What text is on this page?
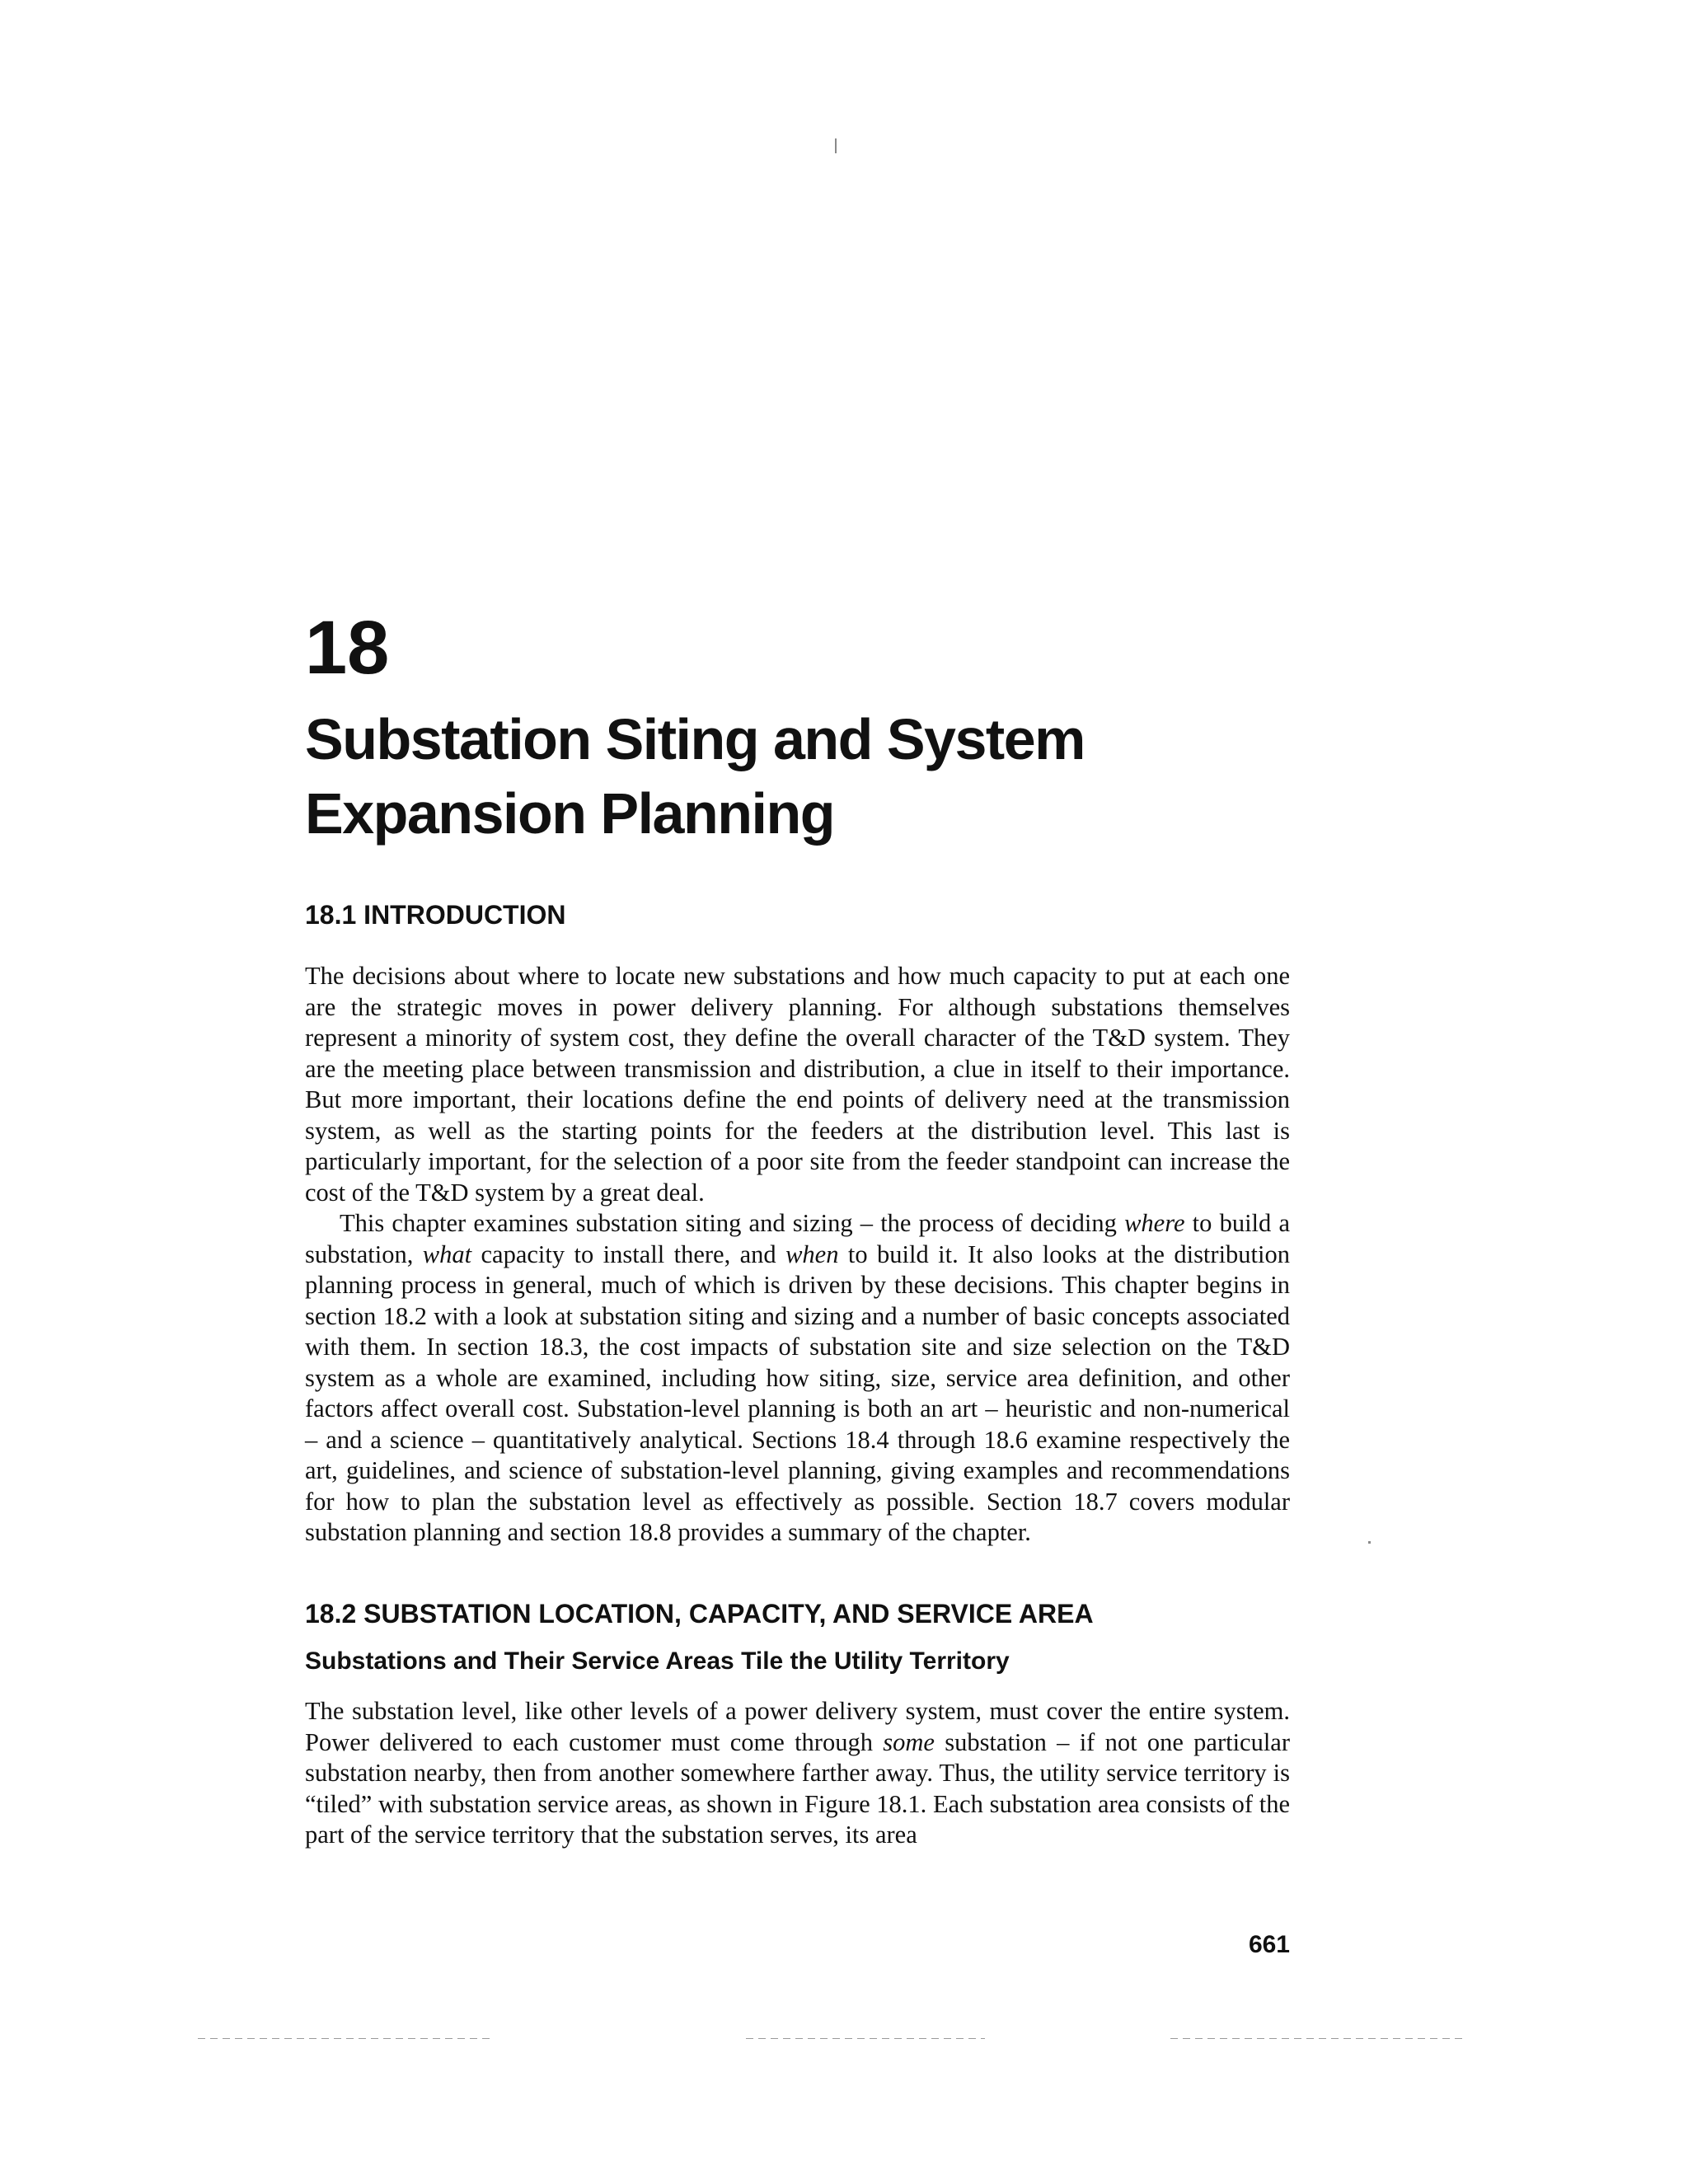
18
Substation Siting and System Expansion Planning
18.1 INTRODUCTION

The decisions about where to locate new substations and how much capacity to put at each one are the strategic moves in power delivery planning. For although substations themselves represent a minority of system cost, they define the overall character of the T&D system. They are the meeting place between transmission and distribution, a clue in itself to their importance. But more important, their locations define the end points of delivery need at the transmission system, as well as the starting points for the feeders at the distribution level. This last is particularly important, for the selection of a poor site from the feeder standpoint can increase the cost of the T&D system by a great deal.

This chapter examines substation siting and sizing – the process of deciding where to build a substation, what capacity to install there, and when to build it. It also looks at the distribution planning process in general, much of which is driven by these decisions. This chapter begins in section 18.2 with a look at substation siting and sizing and a number of basic concepts associated with them. In section 18.3, the cost impacts of substation site and size selection on the T&D system as a whole are examined, including how siting, size, service area definition, and other factors affect overall cost. Substation-level planning is both an art – heuristic and non-numerical – and a science – quantitatively analytical. Sections 18.4 through 18.6 examine respectively the art, guidelines, and science of substation-level planning, giving examples and recommendations for how to plan the substation level as effectively as possible. Section 18.7 covers modular substation planning and section 18.8 provides a summary of the chapter.

18.2 SUBSTATION LOCATION, CAPACITY, AND SERVICE AREA
Substations and Their Service Areas Tile the Utility Territory

The substation level, like other levels of a power delivery system, must cover the entire system. Power delivered to each customer must come through some substation – if not one particular substation nearby, then from another somewhere farther away. Thus, the utility service territory is “tiled” with substation service areas, as shown in Figure 18.1. Each substation area consists of the part of the service territory that the substation serves, its area

661
